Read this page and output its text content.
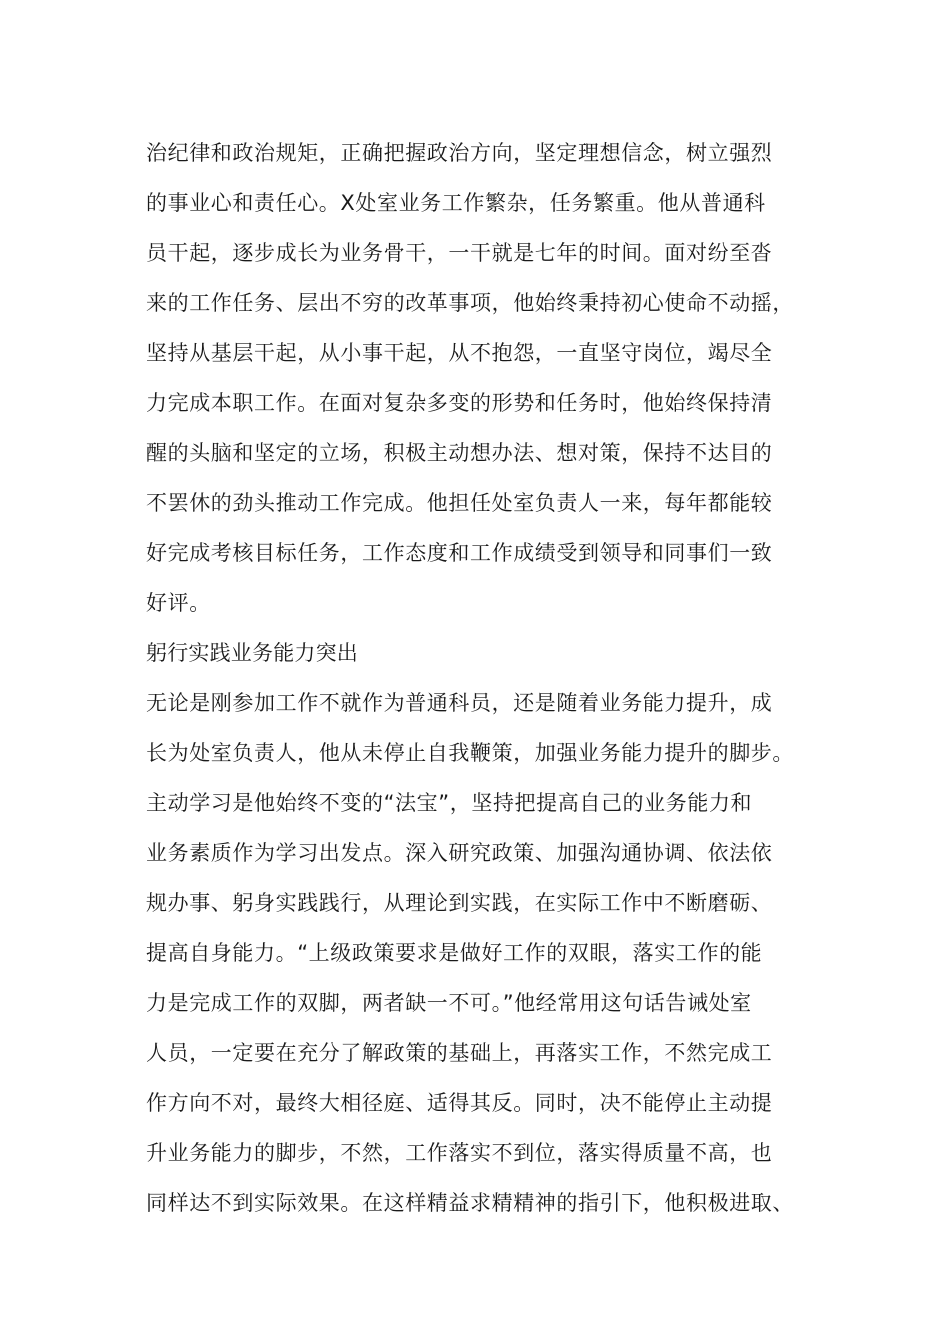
治纪律和政治规矩，正确把握政治方向，坚定理想信念，树立强烈

的事业心和责任心。X处室业务工作繁杂，任务繁重。他从普通科

员干起，逐步成长为业务骨干，一干就是七年的时间。面对纷至沓

来的工作任务、层出不穷的改革事项，他始终秉持初心使命不动摇，

坚持从基层干起，从小事干起，从不抱怨，一直坚守岗位，竭尽全

力完成本职工作。在面对复杂多变的形势和任务时，他始终保持清

醒的头脑和坚定的立场，积极主动想办法、想对策，保持不达目的

不罢休的劲头推动工作完成。他担任处室负责人一来，每年都能较

好完成考核目标任务，工作态度和工作成绩受到领导和同事们一致

好评。

躬行实践业务能力突出

无论是刚参加工作不就作为普通科员，还是随着业务能力提升，成

长为处室负责人，他从未停止自我鞭策，加强业务能力提升的脚步。

主动学习是他始终不变的“法宝”，坚持把提高自己的业务能力和

业务素质作为学习出发点。深入研究政策、加强沟通协调、依法依

规办事、躬身实践践行，从理论到实践，在实际工作中不断磨砺、

提高自身能力。“上级政策要求是做好工作的双眼，落实工作的能

力是完成工作的双脚，两者缺一不可。”他经常用这句话告诫处室

人员，一定要在充分了解政策的基础上，再落实工作，不然完成工

作方向不对，最终大相径庭、适得其反。同时，决不能停止主动提

升业务能力的脚步，不然，工作落实不到位，落实得质量不高，也

同样达不到实际效果。在这样精益求精精神的指引下，他积极进取、
